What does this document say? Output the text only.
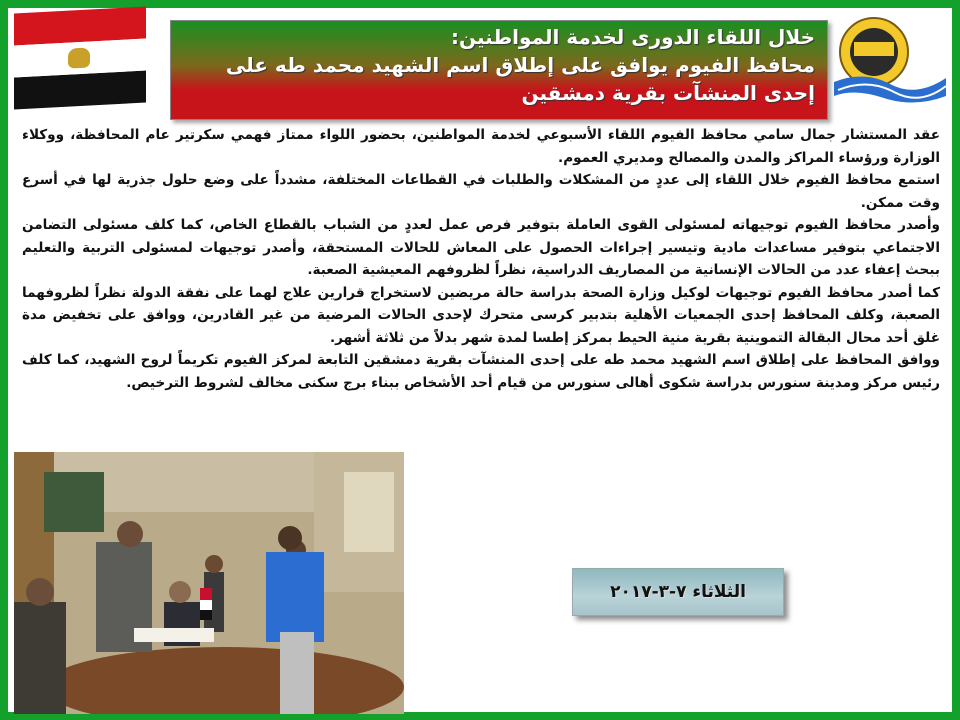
خلال اللقاء الدورى لخدمة المواطنين:
محافظ الفيوم يوافق على إطلاق اسم الشهيد محمد طه على إحدى المنشآت بقرية دمشقين

عقد المستشار جمال سامي محافظ الفيوم اللقاء الأسبوعي لخدمة المواطنين، بحضور اللواء ممتاز فهمي سكرتير عام المحافظة، ووكلاء الوزارة ورؤساء المراكز والمدن والمصالح ومديري العموم.

استمع محافظ الفيوم خلال اللقاء إلى عددٍ من المشكلات والطلبات في القطاعات المختلفة، مشدداً على وضع حلول جذرية لها في أسرع وقت ممكن.

وأصدر محافظ الفيوم توجيهاته لمسئولى القوى العاملة بتوفير فرص عمل لعددٍ من الشباب بالقطاع الخاص، كما كلف مسئولى التضامن الاجتماعي بتوفير مساعدات مادية وتيسير إجراءات الحصول على المعاش للحالات المستحقة، وأصدر توجيهات لمسئولى التربية والتعليم ببحث إعفاء عدد من الحالات الإنسانية من المصاريف الدراسية، نظراً لظروفهم المعيشية الصعبة.

كما أصدر محافظ الفيوم توجيهات لوكيل وزارة الصحة بدراسة حالة مريضين لاستخراج قرارين علاج لهما على نفقة الدولة نظراً لظروفهما الصعبة، وكلف المحافظ إحدى الجمعيات الأهلية بتدبير كرسى متحرك لإحدى الحالات المرضية من غير القادرين، ووافق على تخفيض مدة غلق أحد محال البقالة التموينية بقرية منية الحيط بمركز إطسا لمدة شهر بدلاً من ثلاثة أشهر.

ووافق المحافظ على إطلاق اسم الشهيد محمد طه على إحدى المنشآت بقرية دمشقين التابعة لمركز الفيوم تكريماً لروح الشهيد، كما كلف رئيس مركز ومدينة سنورس بدراسة شكوى أهالى سنورس من قيام أحد الأشخاص ببناء برج سكنى مخالف لشروط الترخيص.

الثلاثاء ٧-٣-٢٠١٧
